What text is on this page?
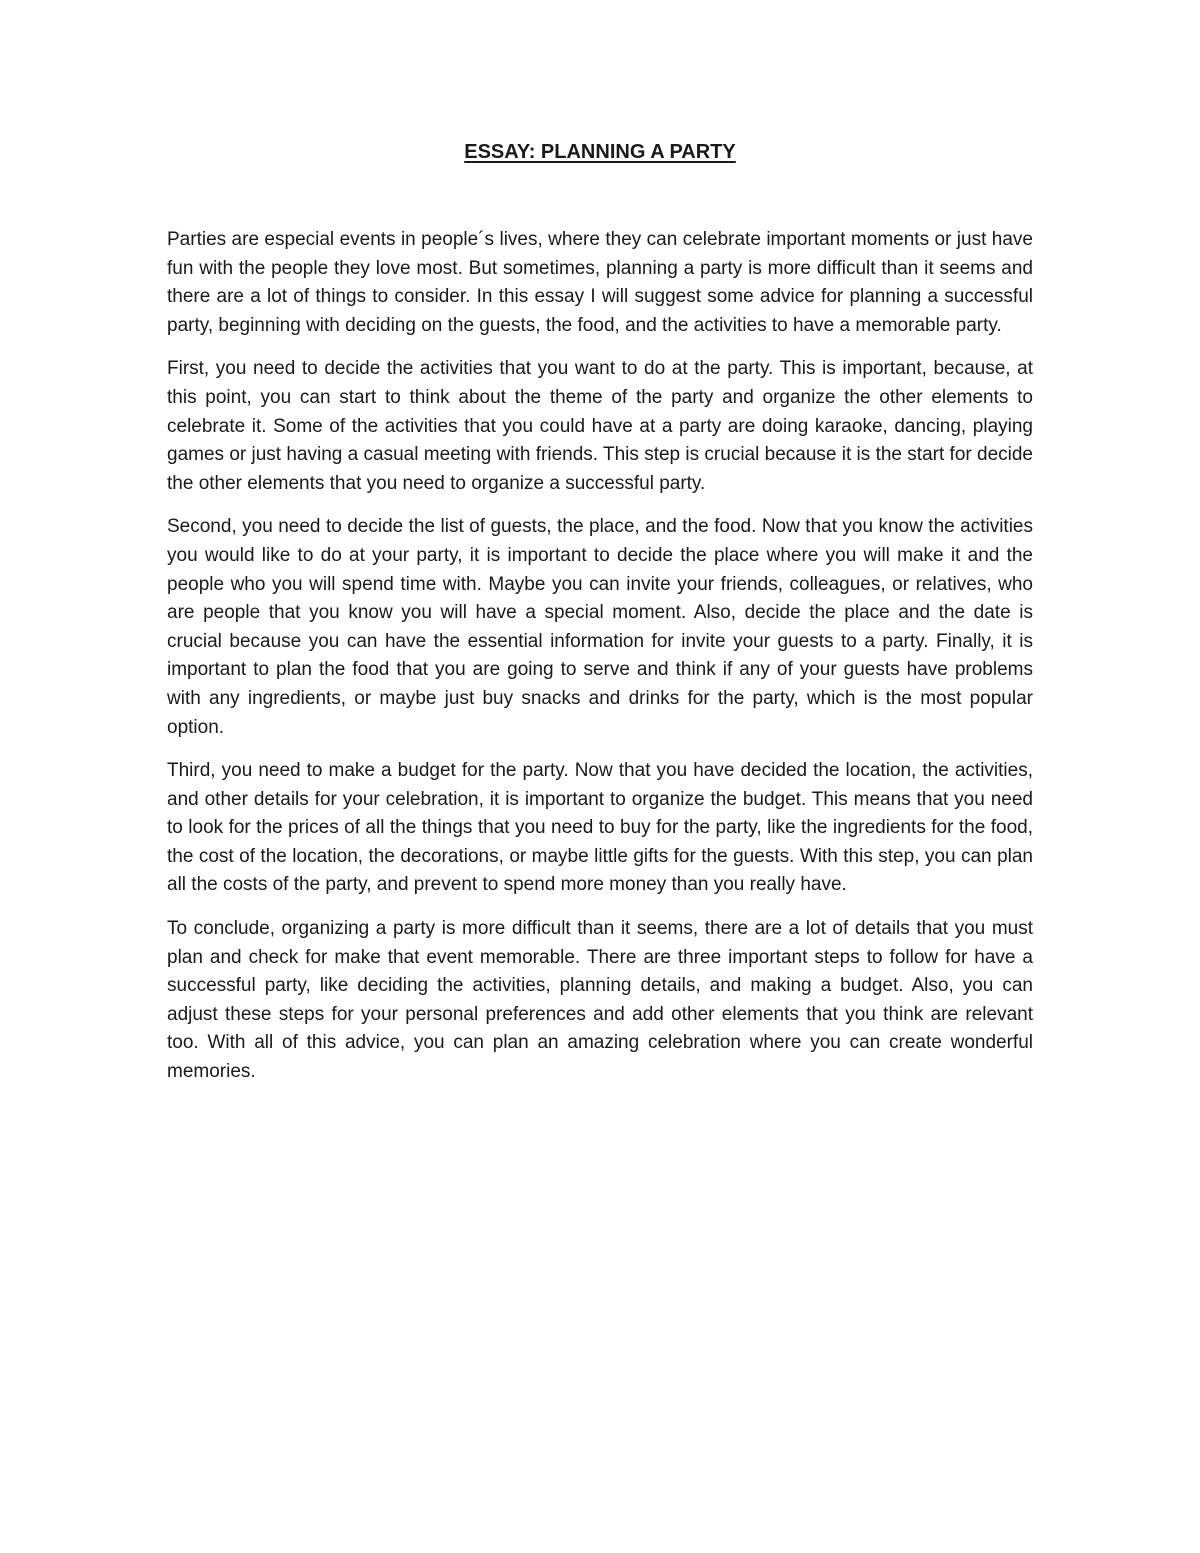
ESSAY: PLANNING A PARTY

Parties are especial events in people´s lives, where they can celebrate important moments or just have fun with the people they love most. But sometimes, planning a party is more difficult than it seems and there are a lot of things to consider. In this essay I will suggest some advice for planning a successful party, beginning with deciding on the guests, the food, and the activities to have a memorable party.

First, you need to decide the activities that you want to do at the party. This is important, because, at this point, you can start to think about the theme of the party and organize the other elements to celebrate it. Some of the activities that you could have at a party are doing karaoke, dancing, playing games or just having a casual meeting with friends. This step is crucial because it is the start for decide the other elements that you need to organize a successful party.

Second, you need to decide the list of guests, the place, and the food. Now that you know the activities you would like to do at your party, it is important to decide the place where you will make it and the people who you will spend time with. Maybe you can invite your friends, colleagues, or relatives, who are people that you know you will have a special moment. Also, decide the place and the date is crucial because you can have the essential information for invite your guests to a party. Finally, it is important to plan the food that you are going to serve and think if any of your guests have problems with any ingredients, or maybe just buy snacks and drinks for the party, which is the most popular option.

Third, you need to make a budget for the party. Now that you have decided the location, the activities, and other details for your celebration, it is important to organize the budget. This means that you need to look for the prices of all the things that you need to buy for the party, like the ingredients for the food, the cost of the location, the decorations, or maybe little gifts for the guests. With this step, you can plan all the costs of the party, and prevent to spend more money than you really have.

To conclude, organizing a party is more difficult than it seems, there are a lot of details that you must plan and check for make that event memorable. There are three important steps to follow for have a successful party, like deciding the activities, planning details, and making a budget. Also, you can adjust these steps for your personal preferences and add other elements that you think are relevant too. With all of this advice, you can plan an amazing celebration where you can create wonderful memories.
